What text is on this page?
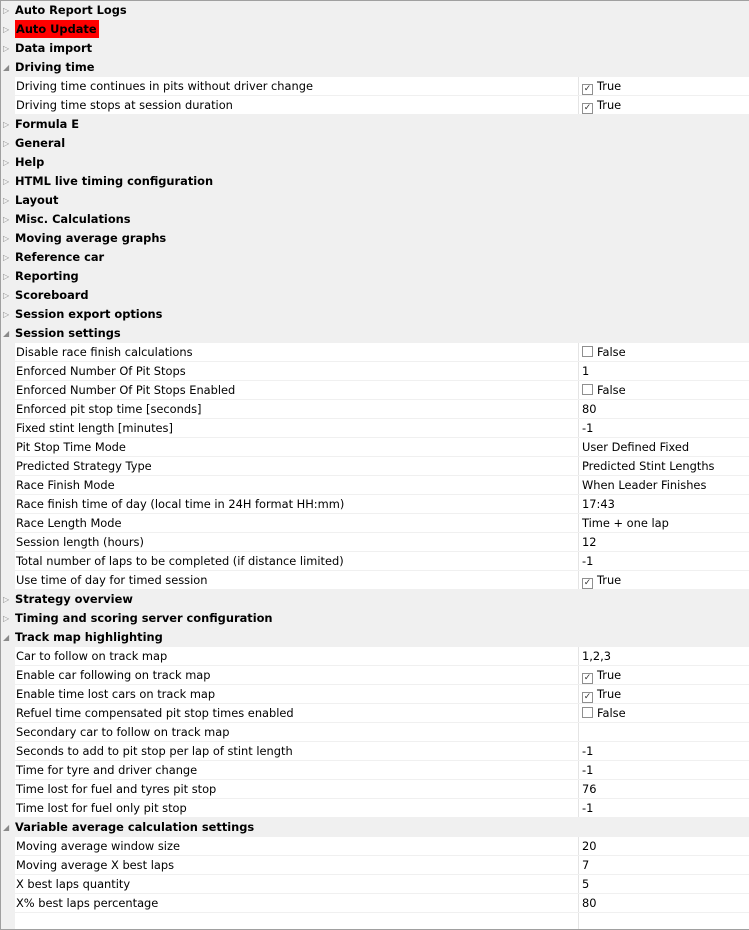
▷ Auto Report Logs
▷ Auto Update
▷ Data import
◢ Driving time
Driving time continues in pits without driver change	✓ True
Driving time stops at session duration	✓ True
▷ Formula E
▷ General
▷ Help
▷ HTML live timing configuration
▷ Layout
▷ Misc. Calculations
▷ Moving average graphs
▷ Reference car
▷ Reporting
▷ Scoreboard
▷ Session export options
◢ Session settings
Disable race finish calculations	False
Enforced Number Of Pit Stops	1
Enforced Number Of Pit Stops Enabled	False
Enforced pit stop time [seconds]	80
Fixed stint length [minutes]	-1
Pit Stop Time Mode	User Defined Fixed
Predicted Strategy Type	Predicted Stint Lengths
Race Finish Mode	When Leader Finishes
Race finish time of day (local time in 24H format HH:mm)	17:43
Race Length Mode	Time + one lap
Session length (hours)	12
Total number of laps to be completed (if distance limited)	-1
Use time of day for timed session	✓ True
▷ Strategy overview
▷ Timing and scoring server configuration
◢ Track map highlighting
Car to follow on track map	1,2,3
Enable car following on track map	✓ True
Enable time lost cars on track map	✓ True
Refuel time compensated pit stop times enabled	False
Secondary car to follow on track map
Seconds to add to pit stop per lap of stint length	-1
Time for tyre and driver change	-1
Time lost for fuel and tyres pit stop	76
Time lost for fuel only pit stop	-1
◢ Variable average calculation settings
Moving average window size	20
Moving average X best laps	7
X best laps quantity	5
X% best laps percentage	80
